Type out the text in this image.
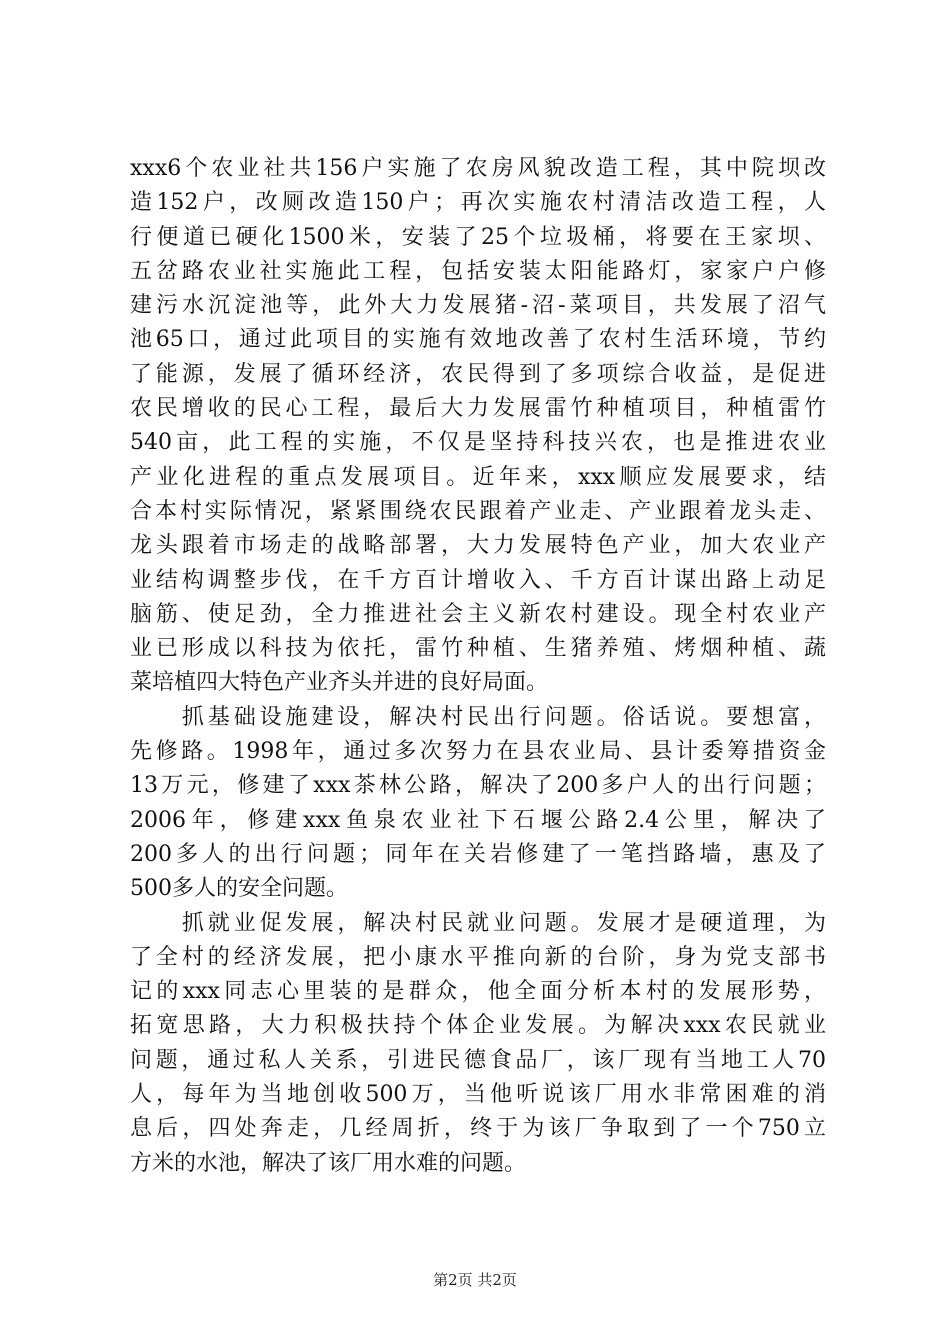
xxx6个农业社共156户实施了农房风貌改造工程，其中院坝改
造152户，改厕改造150户；再次实施农村清洁改造工程，人
行便道已硬化1500米，安装了25个垃圾桶，将要在王家坝、
五岔路农业社实施此工程，包括安装太阳能路灯，家家户户修
建污水沉淀池等，此外大力发展猪-沼-菜项目，共发展了沼气
池65口，通过此项目的实施有效地改善了农村生活环境，节约
了能源，发展了循环经济，农民得到了多项综合收益，是促进
农民增收的民心工程，最后大力发展雷竹种植项目，种植雷竹
540亩，此工程的实施，不仅是坚持科技兴农，也是推进农业
产业化进程的重点发展项目。近年来，xxx顺应发展要求，结
合本村实际情况，紧紧围绕农民跟着产业走、产业跟着龙头走、
龙头跟着市场走的战略部署，大力发展特色产业，加大农业产
业结构调整步伐，在千方百计增收入、千方百计谋出路上动足
脑筋、使足劲，全力推进社会主义新农村建设。现全村农业产
业已形成以科技为依托，雷竹种植、生猪养殖、烤烟种植、蔬
菜培植四大特色产业齐头并进的良好局面。
　　抓基础设施建设，解决村民出行问题。俗话说。要想富，
先修路。1998年，通过多次努力在县农业局、县计委筹措资金
13万元，修建了xxx茶林公路，解决了200多户人的出行问题；
2006年，修建xxx鱼泉农业社下石堰公路2.4公里，解决了
200多人的出行问题；同年在关岩修建了一笔挡路墙，惠及了
500多人的安全问题。
　　抓就业促发展，解决村民就业问题。发展才是硬道理，为
了全村的经济发展，把小康水平推向新的台阶，身为党支部书
记的xxx同志心里装的是群众，他全面分析本村的发展形势，
拓宽思路，大力积极扶持个体企业发展。为解决xxx农民就业
问题，通过私人关系，引进民德食品厂，该厂现有当地工人70
人，每年为当地创收500万，当他听说该厂用水非常困难的消
息后，四处奔走，几经周折，终于为该厂争取到了一个750立
方米的水池，解决了该厂用水难的问题。
第2页 共2页
